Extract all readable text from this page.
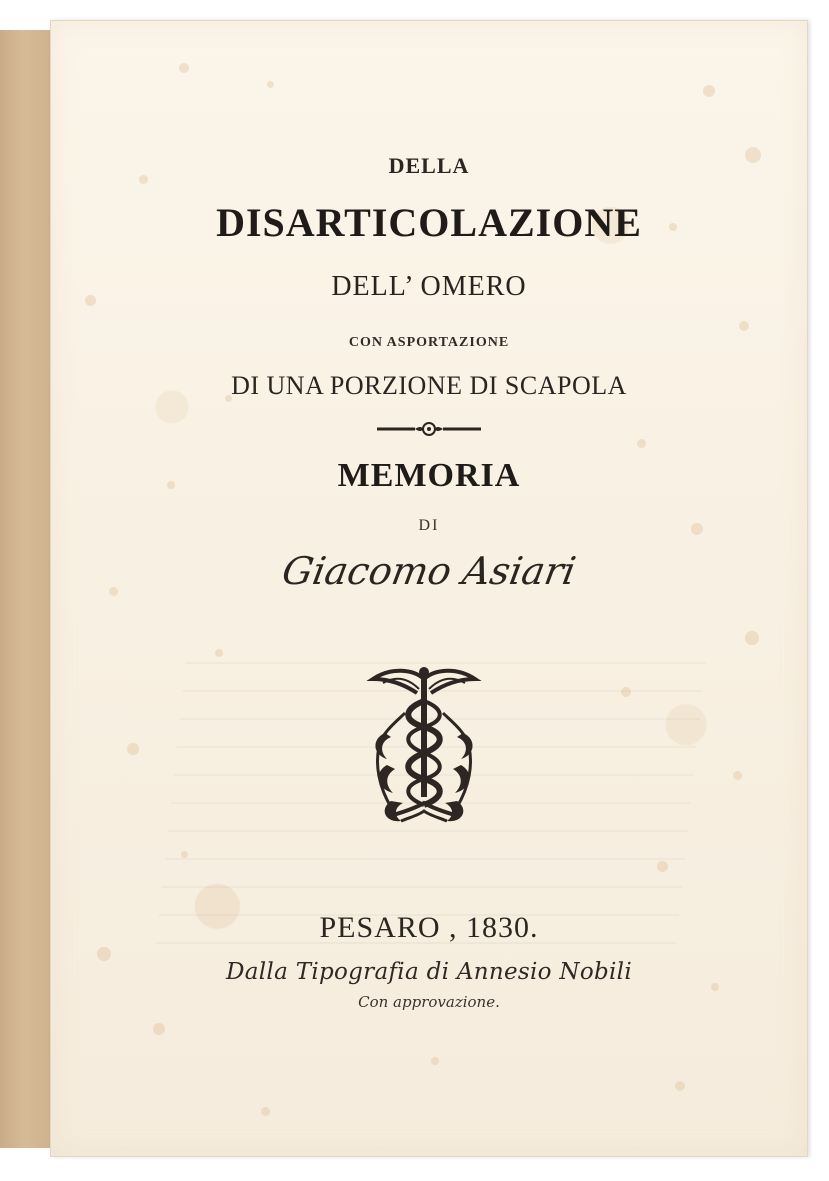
DELLA
DISARTICOLAZIONE
DELL’ OMERO
CON ASPORTAZIONE
DI UNA PORZIONE DI SCAPOLA
MEMORIA
DI
Giacomo Asiari
PESARO , 1830.
Dalla Tipografia di Annesio Nobili
Con approvazione.
